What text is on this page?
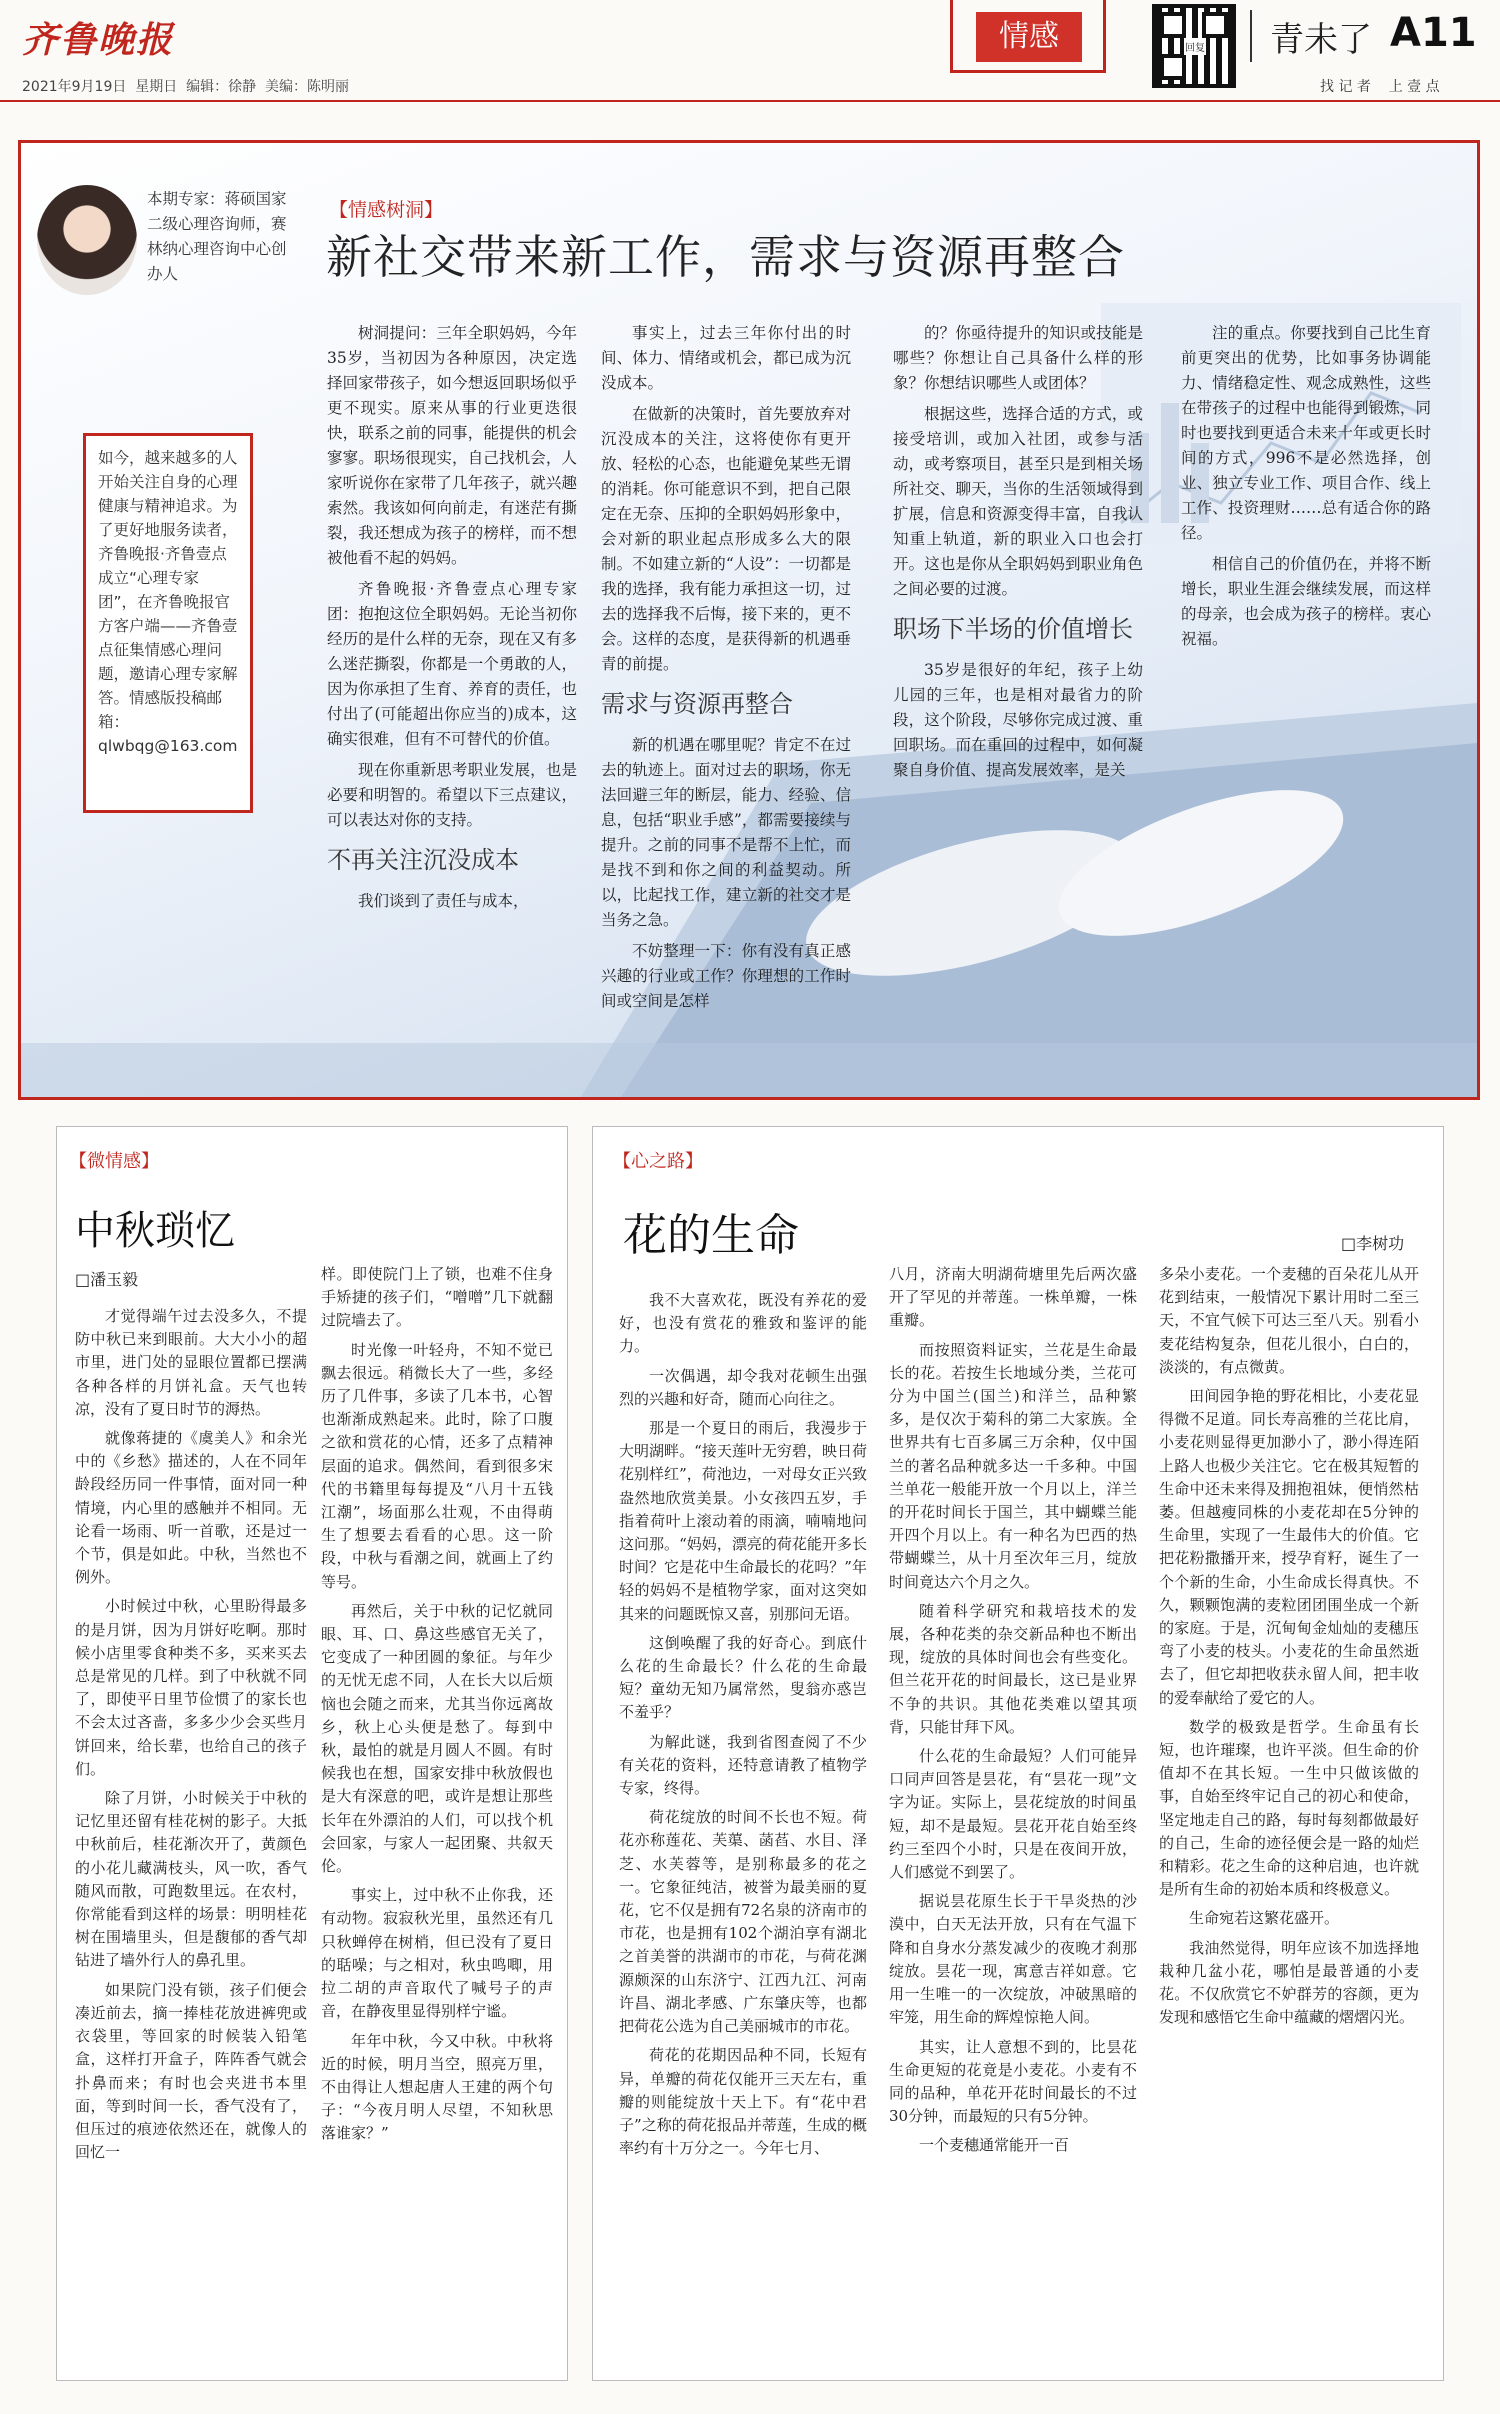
齐鲁晚报
2021年9月19日  星期日  编辑：徐静  美编：陈明丽
情感	回复 青未了 A11
找 记 者    上 壹 点
本期专家：蒋硕国家二级心理咨询师，赛林纳心理咨询中心创办人
【情感树洞】
新社交带来新工作，需求与资源再整合
如今，越来越多的人开始关注自身的心理健康与精神追求。为了更好地服务读者，齐鲁晚报·齐鲁壹点成立“心理专家团”，在齐鲁晚报官方客户端——齐鲁壹点征集情感心理问题，邀请心理专家解答。情感版投稿邮箱：qlwbqg@163.com

树洞提问：三年全职妈妈，今年35岁，当初因为各种原因，决定选择回家带孩子，如今想返回职场似乎更不现实。原来从事的行业更迭很快，联系之前的同事，能提供的机会寥寥。职场很现实，自己找机会，人家听说你在家带了几年孩子，就兴趣索然。我该如何向前走，有迷茫有撕裂，我还想成为孩子的榜样，而不想被他看不起的妈妈。

齐鲁晚报·齐鲁壹点心理专家团：抱抱这位全职妈妈。无论当初你经历的是什么样的无奈，现在又有多么迷茫撕裂，你都是一个勇敢的人，因为你承担了生育、养育的责任，也付出了(可能超出你应当的)成本，这确实很难，但有不可替代的价值。

现在你重新思考职业发展，也是必要和明智的。希望以下三点建议，可以表达对你的支持。

不再关注沉没成本

我们谈到了责任与成本，

事实上，过去三年你付出的时间、体力、情绪或机会，都已成为沉没成本。

在做新的决策时，首先要放弃对沉没成本的关注，这将使你有更开放、轻松的心态，也能避免某些无谓的消耗。你可能意识不到，把自己限定在无奈、压抑的全职妈妈形象中，会对新的职业起点形成多么大的限制。不如建立新的“人设”：一切都是我的选择，我有能力承担这一切，过去的选择我不后悔，接下来的，更不会。这样的态度，是获得新的机遇垂青的前提。

需求与资源再整合

新的机遇在哪里呢？肯定不在过去的轨迹上。面对过去的职场，你无法回避三年的断层，能力、经验、信息，包括“职业手感”，都需要接续与提升。之前的同事不是帮不上忙，而是找不到和你之间的利益契动。所以，比起找工作，建立新的社交才是当务之急。

不妨整理一下：你有没有真正感兴趣的行业或工作？你理想的工作时间或空间是怎样

的？你亟待提升的知识或技能是哪些？你想让自己具备什么样的形象？你想结识哪些人或团体？

根据这些，选择合适的方式，或接受培训，或加入社团，或参与活动，或考察项目，甚至只是到相关场所社交、聊天，当你的生活领域得到扩展，信息和资源变得丰富，自我认知重上轨道，新的职业入口也会打开。这也是你从全职妈妈到职业角色之间必要的过渡。

职场下半场的价值增长

35岁是很好的年纪，孩子上幼儿园的三年，也是相对最省力的阶段，这个阶段，尽够你完成过渡、重回职场。而在重回的过程中，如何凝聚自身价值、提高发展效率，是关

注的重点。你要找到自己比生育前更突出的优势，比如事务协调能力、情绪稳定性、观念成熟性，这些在带孩子的过程中也能得到锻炼，同时也要找到更适合未来十年或更长时间的方式，996不是必然选择，创业、独立专业工作、项目合作、线上工作、投资理财……总有适合你的路径。

相信自己的价值仍在，并将不断增长，职业生涯会继续发展，而这样的母亲，也会成为孩子的榜样。衷心祝福。

【微情感】
中秋琐忆
□潘玉毅

才觉得端午过去没多久，不提防中秋已来到眼前。大大小小的超市里，进门处的显眼位置都已摆满各种各样的月饼礼盒。天气也转凉，没有了夏日时节的溽热。

就像蒋捷的《虞美人》和余光中的《乡愁》描述的，人在不同年龄段经历同一件事情，面对同一种情境，内心里的感触并不相同。无论看一场雨、听一首歌，还是过一个节，俱是如此。中秋，当然也不例外。

小时候过中秋，心里盼得最多的是月饼，因为月饼好吃啊。那时候小店里零食种类不多，买来买去总是常见的几样。到了中秋就不同了，即使平日里节俭惯了的家长也不会太过吝啬，多多少少会买些月饼回来，给长辈，也给自己的孩子们。

除了月饼，小时候关于中秋的记忆里还留有桂花树的影子。大抵中秋前后，桂花渐次开了，黄颜色的小花儿藏满枝头，风一吹，香气随风而散，可跑数里远。在农村，你常能看到这样的场景：明明桂花树在围墙里头，但是馥郁的香气却钻进了墙外行人的鼻孔里。

如果院门没有锁，孩子们便会凑近前去，摘一捧桂花放进裤兜或衣袋里，等回家的时候装入铅笔盒，这样打开盒子，阵阵香气就会扑鼻而来；有时也会夹进书本里面，等到时间一长，香气没有了，但压过的痕迹依然还在，就像人的回忆一

样。即使院门上了锁，也难不住身手矫捷的孩子们，“噌噌”几下就翻过院墙去了。

时光像一叶轻舟，不知不觉已飘去很远。稍微长大了一些，多经历了几件事，多读了几本书，心智也渐渐成熟起来。此时，除了口腹之欲和赏花的心情，还多了点精神层面的追求。偶然间，看到很多宋代的书籍里每每提及“八月十五钱江潮”，场面那么壮观，不由得萌生了想要去看看的心思。这一阶段，中秋与看潮之间，就画上了约等号。

再然后，关于中秋的记忆就同眼、耳、口、鼻这些感官无关了，它变成了一种团圆的象征。与年少的无忧无虑不同，人在长大以后烦恼也会随之而来，尤其当你远离故乡，秋上心头便是愁了。每到中秋，最怕的就是月圆人不圆。有时候我也在想，国家安排中秋放假也是大有深意的吧，或许是想让那些长年在外漂泊的人们，可以找个机会回家，与家人一起团聚、共叙天伦。

事实上，过中秋不止你我，还有动物。寂寂秋光里，虽然还有几只秋蝉停在树梢，但已没有了夏日的聒噪；与之相对，秋虫鸣唧，用拉二胡的声音取代了喊号子的声音，在静夜里显得别样宁谧。

年年中秋，今又中秋。中秋将近的时候，明月当空，照亮万里，不由得让人想起唐人王建的两个句子：“今夜月明人尽望，不知秋思落谁家？”

【心之路】
花的生命	□李树功

我不大喜欢花，既没有养花的爱好，也没有赏花的雅致和鉴评的能力。

一次偶遇，却令我对花顿生出强烈的兴趣和好奇，随而心向往之。

那是一个夏日的雨后，我漫步于大明湖畔。“接天莲叶无穷碧，映日荷花别样红”，荷池边，一对母女正兴致盎然地欣赏美景。小女孩四五岁，手指着荷叶上滚动着的雨滴，喃喃地问这问那。“妈妈，漂亮的荷花能开多长时间？它是花中生命最长的花吗？”年轻的妈妈不是植物学家，面对这突如其来的问题既惊又喜，别那问无语。

这倒唤醒了我的好奇心。到底什么花的生命最长？什么花的生命最短？童幼无知乃属常然，叟翁亦惑岂不羞乎？

为解此谜，我到省图查阅了不少有关花的资料，还特意请教了植物学专家，终得。

荷花绽放的时间不长也不短。荷花亦称莲花、芙蕖、菡萏、水目、泽芝、水芙蓉等，是别称最多的花之一。它象征纯洁，被誉为最美丽的夏花，它不仅是拥有72名泉的济南市的市花，也是拥有102个湖泊享有湖北之首美誉的洪湖市的市花，与荷花渊源颇深的山东济宁、江西九江、河南许昌、湖北孝感、广东肇庆等，也都把荷花公选为自己美丽城市的市花。

荷花的花期因品种不同，长短有异，单瓣的荷花仅能开三天左右，重瓣的则能绽放十天上下。有“花中君子”之称的荷花报品并蒂莲，生成的概率约有十万分之一。今年七月、

八月，济南大明湖荷塘里先后两次盛开了罕见的并蒂莲。一株单瓣，一株重瓣。

而按照资料证实，兰花是生命最长的花。若按生长地域分类，兰花可分为中国兰(国兰)和洋兰，品种繁多，是仅次于菊科的第二大家族。全世界共有七百多属三万余种，仅中国兰的著名品种就多达一千多种。中国兰单花一般能开放一个月以上，洋兰的开花时间长于国兰，其中蝴蝶兰能开四个月以上。有一种名为巴西的热带蝴蝶兰，从十月至次年三月，绽放时间竟达六个月之久。

随着科学研究和栽培技术的发展，各种花类的杂交新品种也不断出现，绽放的具体时间也会有些变化。但兰花开花的时间最长，这已是业界不争的共识。其他花类难以望其项背，只能甘拜下风。

什么花的生命最短？人们可能异口同声回答是昙花，有“昙花一现”文字为证。实际上，昙花绽放的时间虽短，却不是最短。昙花开花自始至终约三至四个小时，只是在夜间开放，人们感觉不到罢了。

据说昙花原生长于干旱炎热的沙漠中，白天无法开放，只有在气温下降和自身水分蒸发减少的夜晚才刹那绽放。昙花一现，寓意吉祥如意。它用一生唯一的一次绽放，冲破黑暗的牢笼，用生命的辉煌惊艳人间。

其实，让人意想不到的，比昙花生命更短的花竟是小麦花。小麦有不同的品种，单花开花时间最长的不过30分钟，而最短的只有5分钟。

一个麦穗通常能开一百

多朵小麦花。一个麦穗的百朵花儿从开花到结束，一般情况下累计用时二至三天，不宜气候下可达三至八天。别看小麦花结构复杂，但花儿很小，白白的，淡淡的，有点微黄。

田间园争艳的野花相比，小麦花显得微不足道。同长寿高雅的兰花比肩，小麦花则显得更加渺小了，渺小得连陌上路人也极少关注它。它在极其短暂的生命中还未来得及拥抱祖妹，便悄然枯萎。但越瘦同株的小麦花却在5分钟的生命里，实现了一生最伟大的价值。它把花粉撒播开来，授孕育籽，诞生了一个个新的生命，小生命成长得真快。不久，颗颗饱满的麦粒团团围坐成一个新的家庭。于是，沉甸甸金灿灿的麦穗压弯了小麦的枝头。小麦花的生命虽然逝去了，但它却把收获永留人间，把丰收的爱奉献给了爱它的人。

数学的极致是哲学。生命虽有长短，也许璀璨，也许平淡。但生命的价值却不在其长短。一生中只做该做的事，自始至终牢记自己的初心和使命，坚定地走自己的路，每时每刻都做最好的自己，生命的迹径便会是一路的灿烂和精彩。花之生命的这种启迪，也许就是所有生命的初始本质和终极意义。

生命宛若这繁花盛开。

我油然觉得，明年应该不加选择地栽种几盆小花，哪怕是最普通的小麦花。不仅欣赏它不妒群芳的容颜，更为发现和感悟它生命中蕴藏的熠熠闪光。
